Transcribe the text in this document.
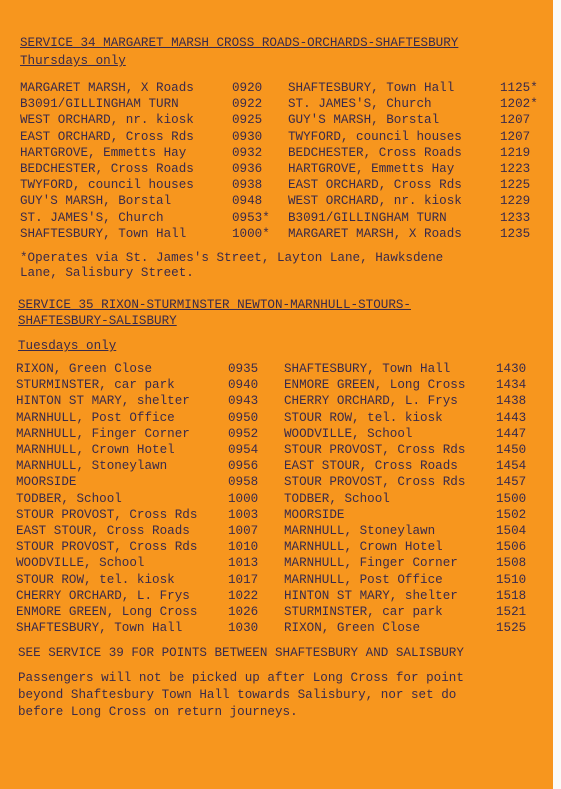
SERVICE 34 MARGARET MARSH CROSS ROADS-ORCHARDS-SHAFTESBURY
Thursdays only
MARGARET MARSH, X Roads	0920 SHAFTESBURY, Town Hall	1125*
B3091/GILLINGHAM TURN	0922 ST. JAMES'S, Church	1202*
WEST ORCHARD, nr. kiosk	0925 GUY'S MARSH, Borstal	1207
EAST ORCHARD, Cross Rds	0930 TWYFORD, council houses	1207
HARTGROVE, Emmetts Hay	0932 BEDCHESTER, Cross Roads	1219
BEDCHESTER, Cross Roads	0936 HARTGROVE, Emmetts Hay	1223
TWYFORD, council houses	0938 EAST ORCHARD, Cross Rds	1225
GUY'S MARSH, Borstal	0948 WEST ORCHARD, nr. kiosk	1229
ST. JAMES'S, Church	0953* B3091/GILLINGHAM TURN	1233
SHAFTESBURY, Town Hall	1000* MARGARET MARSH, X Roads	1235
*Operates via St. James's Street, Layton Lane, Hawksdene
Lane, Salisbury Street.
SERVICE 35 RIXON-STURMINSTER NEWTON-MARNHULL-STOURS-
SHAFTESBURY-SALISBURY
Tuesdays only
RIXON, Green Close	0935 SHAFTESBURY, Town Hall	1430
STURMINSTER, car park	0940 ENMORE GREEN, Long Cross 1434
HINTON ST MARY, shelter	0943 CHERRY ORCHARD, L. Frys	1438
MARNHULL, Post Office	0950 STOUR ROW, tel. kiosk	1443
MARNHULL, Finger Corner	0952 WOODVILLE, School	1447
MARNHULL, Crown Hotel	0954 STOUR PROVOST, Cross Rds 1450
MARNHULL, Stoneylawn	0956 EAST STOUR, Cross Roads	1454
MOORSIDE	0958 STOUR PROVOST, Cross Rds 1457
TODBER, School	1000 TODBER, School	1500
STOUR PROVOST, Cross Rds 1003 MOORSIDE	1502
EAST STOUR, Cross Roads	1007 MARNHULL, Stoneylawn	1504
STOUR PROVOST, Cross Rds 1010 MARNHULL, Crown Hotel	1506
WOODVILLE, School	1013 MARNHULL, Finger Corner	1508
STOUR ROW, tel. kiosk	1017 MARNHULL, Post Office	1510
CHERRY ORCHARD, L. Frys	1022 HINTON ST MARY, shelter	1518
ENMORE GREEN, Long Cross 1026 STURMINSTER, car park	1521
SHAFTESBURY, Town Hall	1030 RIXON, Green Close	1525
SEE SERVICE 39 FOR POINTS BETWEEN SHAFTESBURY AND SALISBURY
Passengers will not be picked up after Long Cross for point
beyond Shaftesbury Town Hall towards Salisbury, nor set do
before Long Cross on return journeys.
